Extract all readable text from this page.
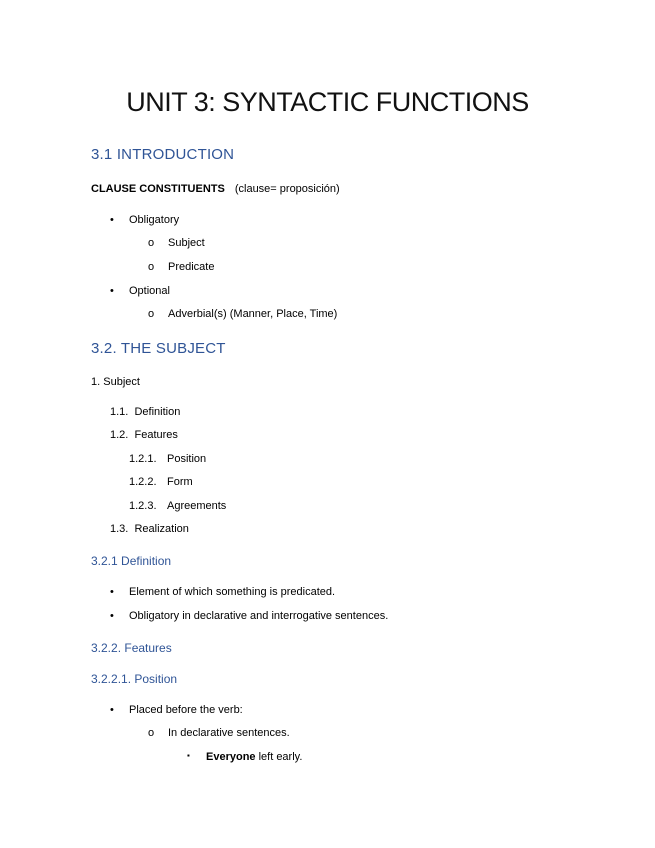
UNIT 3: SYNTACTIC FUNCTIONS
3.1 INTRODUCTION
CLAUSE CONSTITUENTS (clause= proposición)
• Obligatory
o Subject
o Predicate
• Optional
o Adverbial(s) (Manner, Place, Time)
3.2. THE SUBJECT
1. Subject
1.1. Definition
1.2. Features
1.2.1. Position
1.2.2. Form
1.2.3. Agreements
1.3. Realization
3.2.1 Definition
• Element of which something is predicated.
• Obligatory in declarative and interrogative sentences.
3.2.2. Features
3.2.2.1. Position
• Placed before the verb:
o In declarative sentences.
▪ Everyone left early.
